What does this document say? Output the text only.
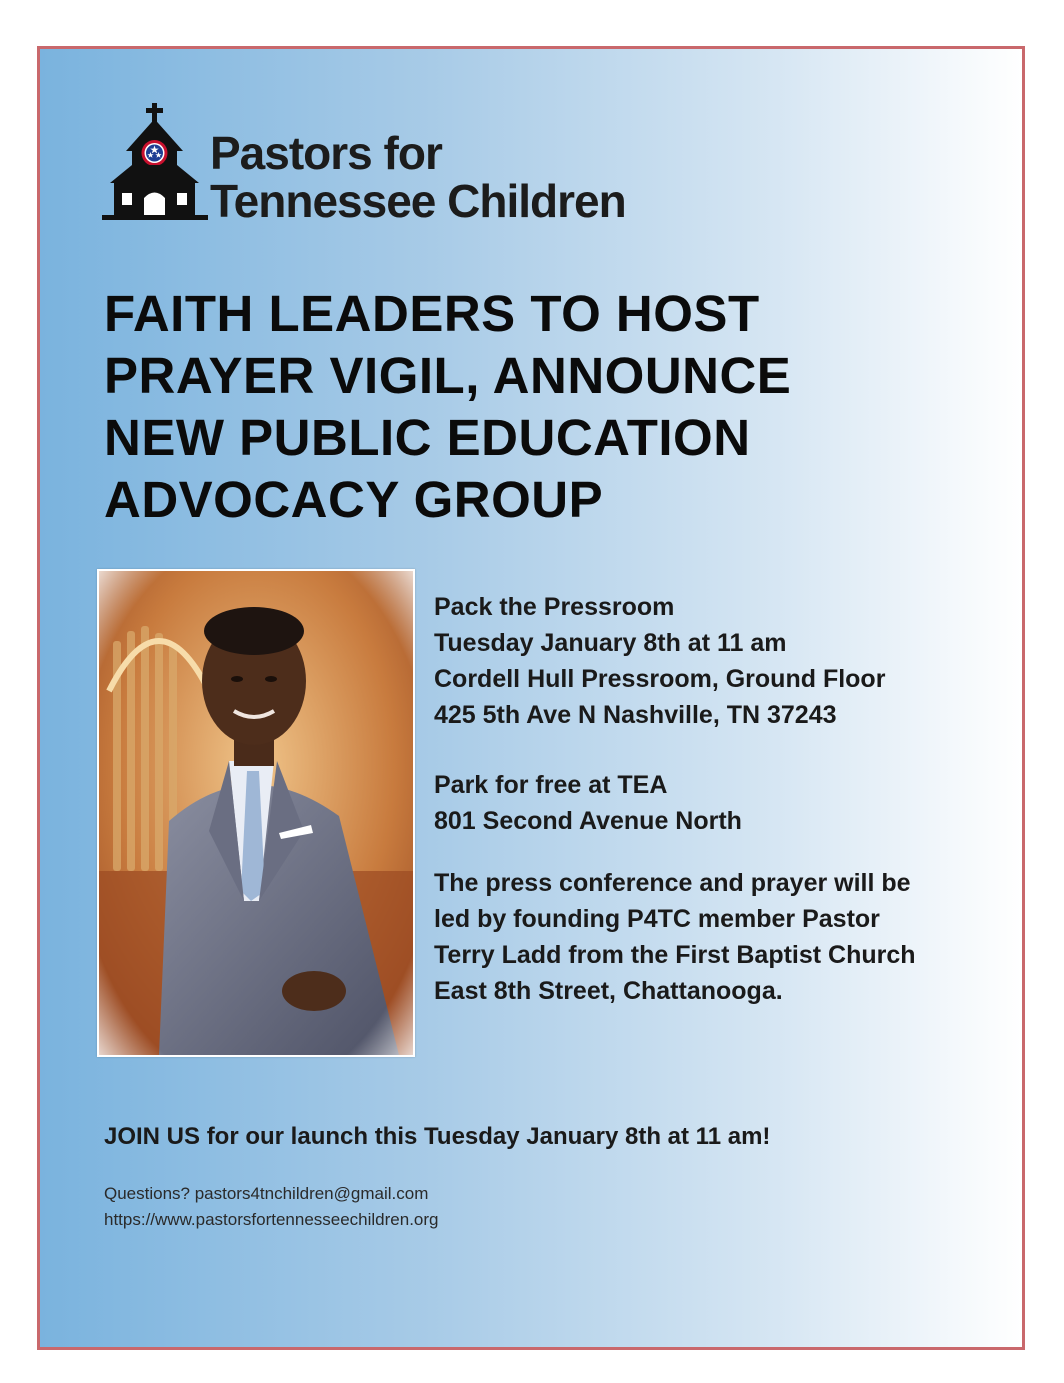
Pastors for
Tennessee Children
FAITH LEADERS TO HOST
PRAYER VIGIL, ANNOUNCE
NEW PUBLIC EDUCATION
ADVOCACY GROUP
Pack the Pressroom
Tuesday January 8th at 11 am
Cordell Hull Pressroom, Ground Floor
425 5th Ave N Nashville, TN 37243
Park for free at TEA
801 Second Avenue North
The press conference and prayer will be
led by founding P4TC member Pastor
Terry Ladd from the First Baptist Church
East 8th Street, Chattanooga.
JOIN US for our launch this Tuesday January 8th at 11 am!
Questions? pastors4tnchildren@gmail.com
https://www.pastorsfortennesseechildren.org
